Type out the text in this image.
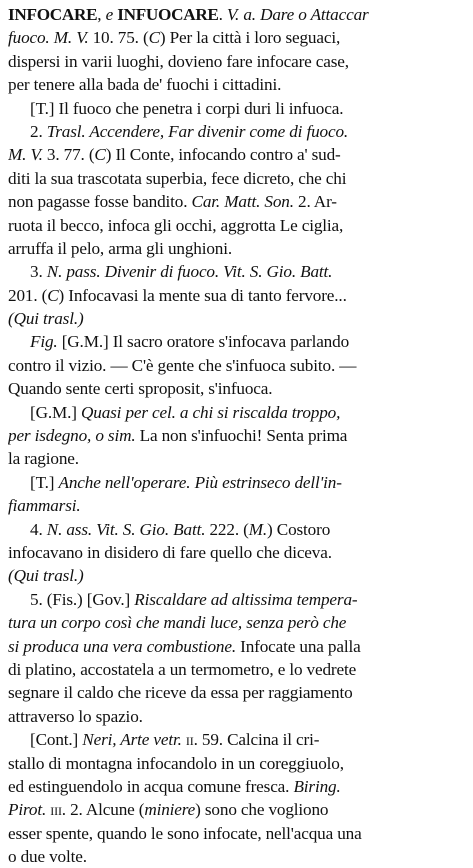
INFOCARE, e INFUOCARE. V. a. Dare o Attaccar
fuoco. M. V. 10. 75. (C) Per la città i loro seguaci,
dispersi in varii luoghi, dovieno fare infocare case,
per tenere alla bada de' fuochi i cittadini.
[T.] Il fuoco che penetra i corpi duri li infuoca.
2. Trasl. Accendere, Far divenir come di fuoco.
M. V. 3. 77. (C) Il Conte, infocando contro a' sud-
diti la sua trascotata superbia, fece dicreto, che chi
non pagasse fosse bandito. Car. Matt. Son. 2. Ar-
ruota il becco, infoca gli occhi, aggrotta Le ciglia,
arruffa il pelo, arma gli unghioni.
3. N. pass. Divenir di fuoco. Vit. S. Gio. Batt.
201. (C) Infocavasi la mente sua di tanto fervore...
(Qui trasl.)
Fig. [G.M.] Il sacro oratore s'infocava parlando
contro il vizio. — C'è gente che s'infuoca subito. —
Quando sente certi sproposit, s'infuoca.
[G.M.] Quasi per cel. a chi si riscalda troppo,
per isdegno, o sim. La non s'infuochi! Senta prima
la ragione.
[T.] Anche nell'operare. Più estrinseco dell'in-
fiammarsi.
4. N. ass. Vit. S. Gio. Batt. 222. (M.) Costoro
infocavano in disidero di fare quello che diceva.
(Qui trasl.)
5. (Fis.) [Gov.] Riscaldare ad altissima tempera-
tura un corpo così che mandi luce, senza però che
si produca una vera combustione. Infocate una palla
di platino, accostatela a un termometro, e lo vedrete
segnare il caldo che riceve da essa per raggiamento
attraverso lo spazio.
[Cont.] Neri, Arte vetr. ii. 59. Calcina il cri-
stallo di montagna infocandolo in un coreggiuolo,
ed estinguendolo in acqua comune fresca. Biring.
Pirot. iii. 2. Alcune (miniere) sono che vogliono
esser spente, quando le sono infocate, nell'acqua una
o due volte.
